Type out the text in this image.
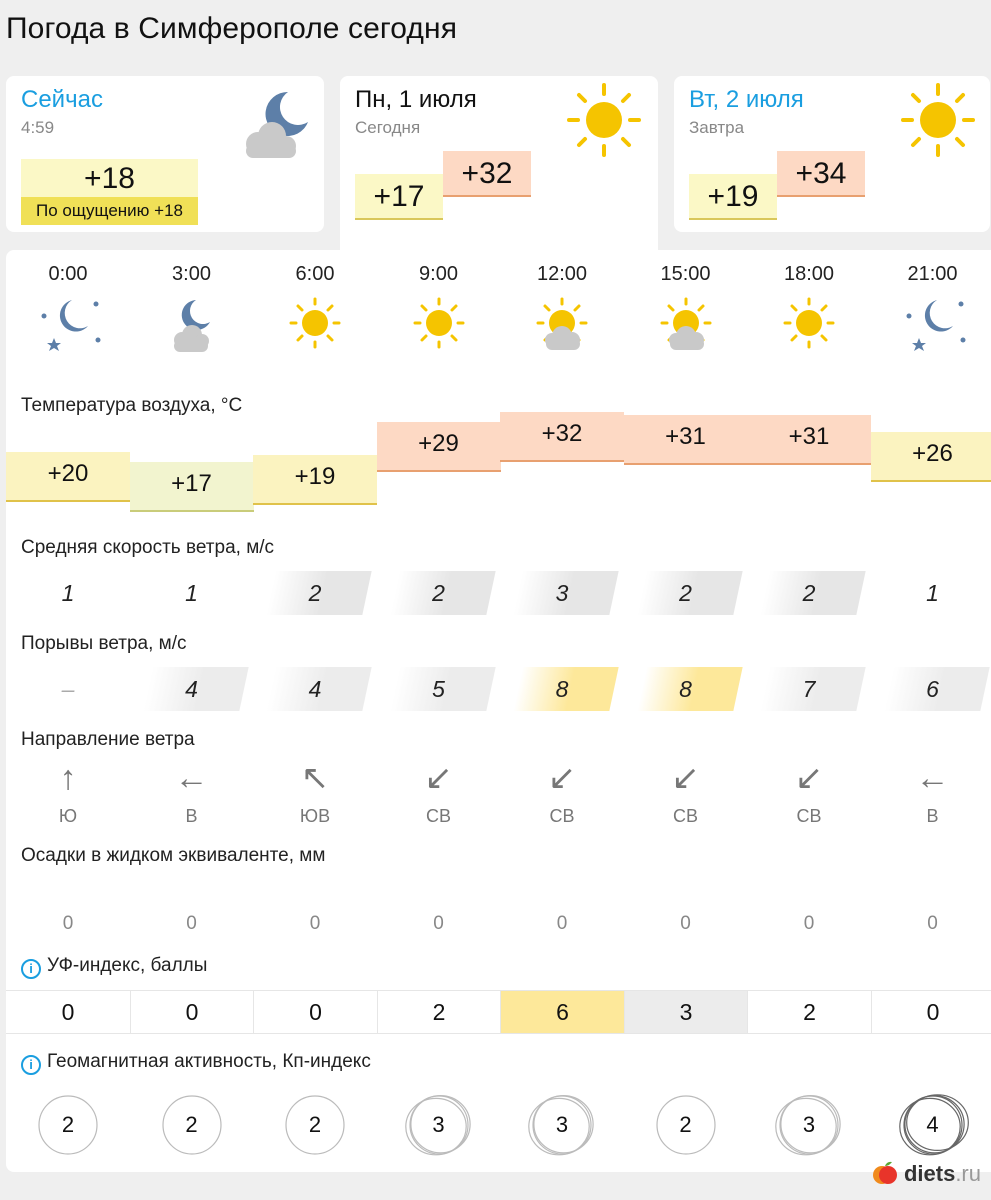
Погода в Симферополе сегодня
Сейчас
4:59
+18
По ощущению +18
Пн, 1 июля
Сегодня
+17
+32
Вт, 2 июля
Завтра
+19
+34
0:00
+20
1
–
↑
Ю
0
0
2
3:00
+17
1
4
←
В
0
0
2
6:00
+19
2
4
↖
ЮВ
0
0
2
9:00
+29
2
5
↙
СВ
0
2
3
12:00
+32
3
8
↙
СВ
0
6
3
15:00
+31
2
8
↙
СВ
0
3
2
18:00
+31
2
7
↙
СВ
0
2
3
21:00
+26
1
6
←
В
0
0
4
Температура воздуха, °C
Средняя скорость ветра, м/с
Порывы ветра, м/с
Направление ветра
Осадки в жидком эквиваленте, мм
i УФ-индекс, баллы
i Геомагнитная активность, Кп-индекс
diets.ru
